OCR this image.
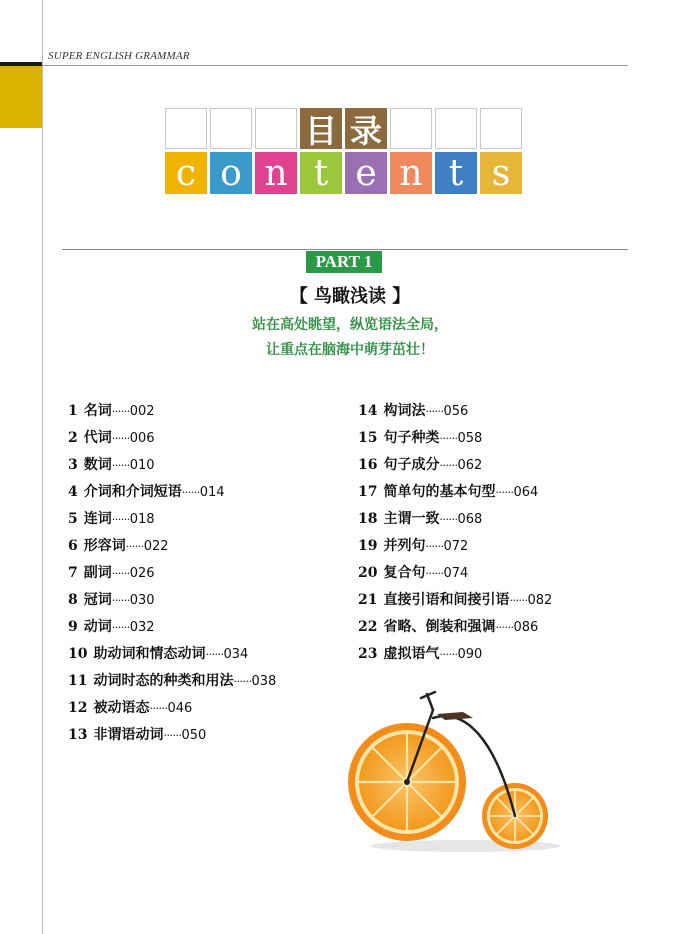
SUPER ENGLISH GRAMMAR
目 录
c o n t e n t s
PART 1
【 鸟瞰浅读 】
站在高处眺望，纵览语法全局，
让重点在脑海中萌芽茁壮！
1 名词······002
2 代词······006
3 数词······010
4 介词和介词短语······014
5 连词······018
6 形容词······022
7 副词······026
8 冠词······030
9 动词······032
10 助动词和情态动词······034
11 动词时态的种类和用法······038
12 被动语态······046
13 非谓语动词······050
14 构词法······056
15 句子种类······058
16 句子成分······062
17 简单句的基本句型······064
18 主谓一致······068
19 并列句······072
20 复合句······074
21 直接引语和间接引语······082
22 省略、倒装和强调······086
23 虚拟语气······090
